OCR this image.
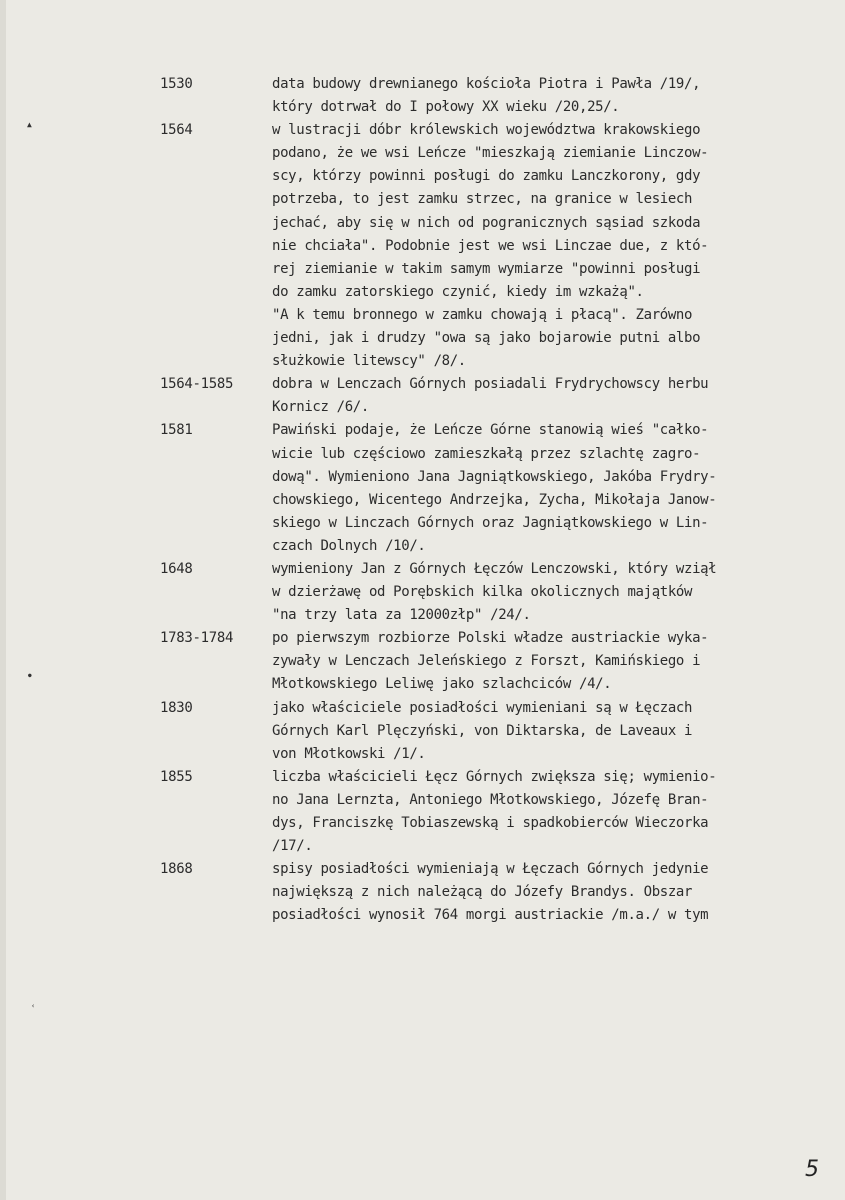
▲
●
‹
1530	data budowy drewnianego kościoła Piotra i Pawła /19/,
który dotrwał do I połowy XX wieku /20,25/.
1564	w lustracji dóbr królewskich województwa krakowskiego
podano, że we wsi Leńcze "mieszkają ziemianie Linczow-
scy, którzy powinni posługi do zamku Lanczkorony, gdy
potrzeba, to jest zamku strzec, na granice w lesiech
jechać, aby się w nich od pogranicznych sąsiad szkoda
nie chciała". Podobnie jest we wsi Linczae due, z któ-
rej ziemianie w takim samym wymiarze "powinni posługi
do zamku zatorskiego czynić, kiedy im wzkażą".
"A k temu bronnego w zamku chowają i płacą". Zarówno
jedni, jak i drudzy "owa są jako bojarowie putni albo
służkowie litewscy" /8/.
1564-1585	dobra w Lenczach Górnych posiadali Frydrychowscy herbu
Kornicz /6/.
1581	Pawiński podaje, że Leńcze Górne stanowią wieś "całko-
wicie lub częściowo zamieszkałą przez szlachtę zagro-
dową". Wymieniono Jana Jagniątkowskiego, Jakóba Frydry-
chowskiego, Wicentego Andrzejka, Zycha, Mikołaja Janow-
skiego w Linczach Górnych oraz Jagniątkowskiego w Lin-
czach Dolnych /10/.
1648	wymieniony Jan z Górnych Łęczów Lenczowski, który wziął
w dzierżawę od Porębskich kilka okolicznych majątków
"na trzy lata za 12000złp" /24/.
1783-1784	po pierwszym rozbiorze Polski władze austriackie wyka-
zywały w Lenczach Jeleńskiego z Forszt, Kamińskiego i
Młotkowskiego Leliwę jako szlachciców /4/.
1830	jako właściciele posiadłości wymieniani są w Łęczach
Górnych Karl Plęczyński, von Diktarska, de Laveaux i
von Młotkowski /1/.
1855	liczba właścicieli Łęcz Górnych zwiększa się; wymienio-
no Jana Lernzta, Antoniego Młotkowskiego, Józefę Bran-
dys, Franciszkę Tobiaszewską i spadkobierców Wieczorka
/17/.
1868	spisy posiadłości wymieniają w Łęczach Górnych jedynie
największą z nich należącą do Józefy Brandys. Obszar
posiadłości wynosił 764 morgi austriackie /m.a./ w tym
5
